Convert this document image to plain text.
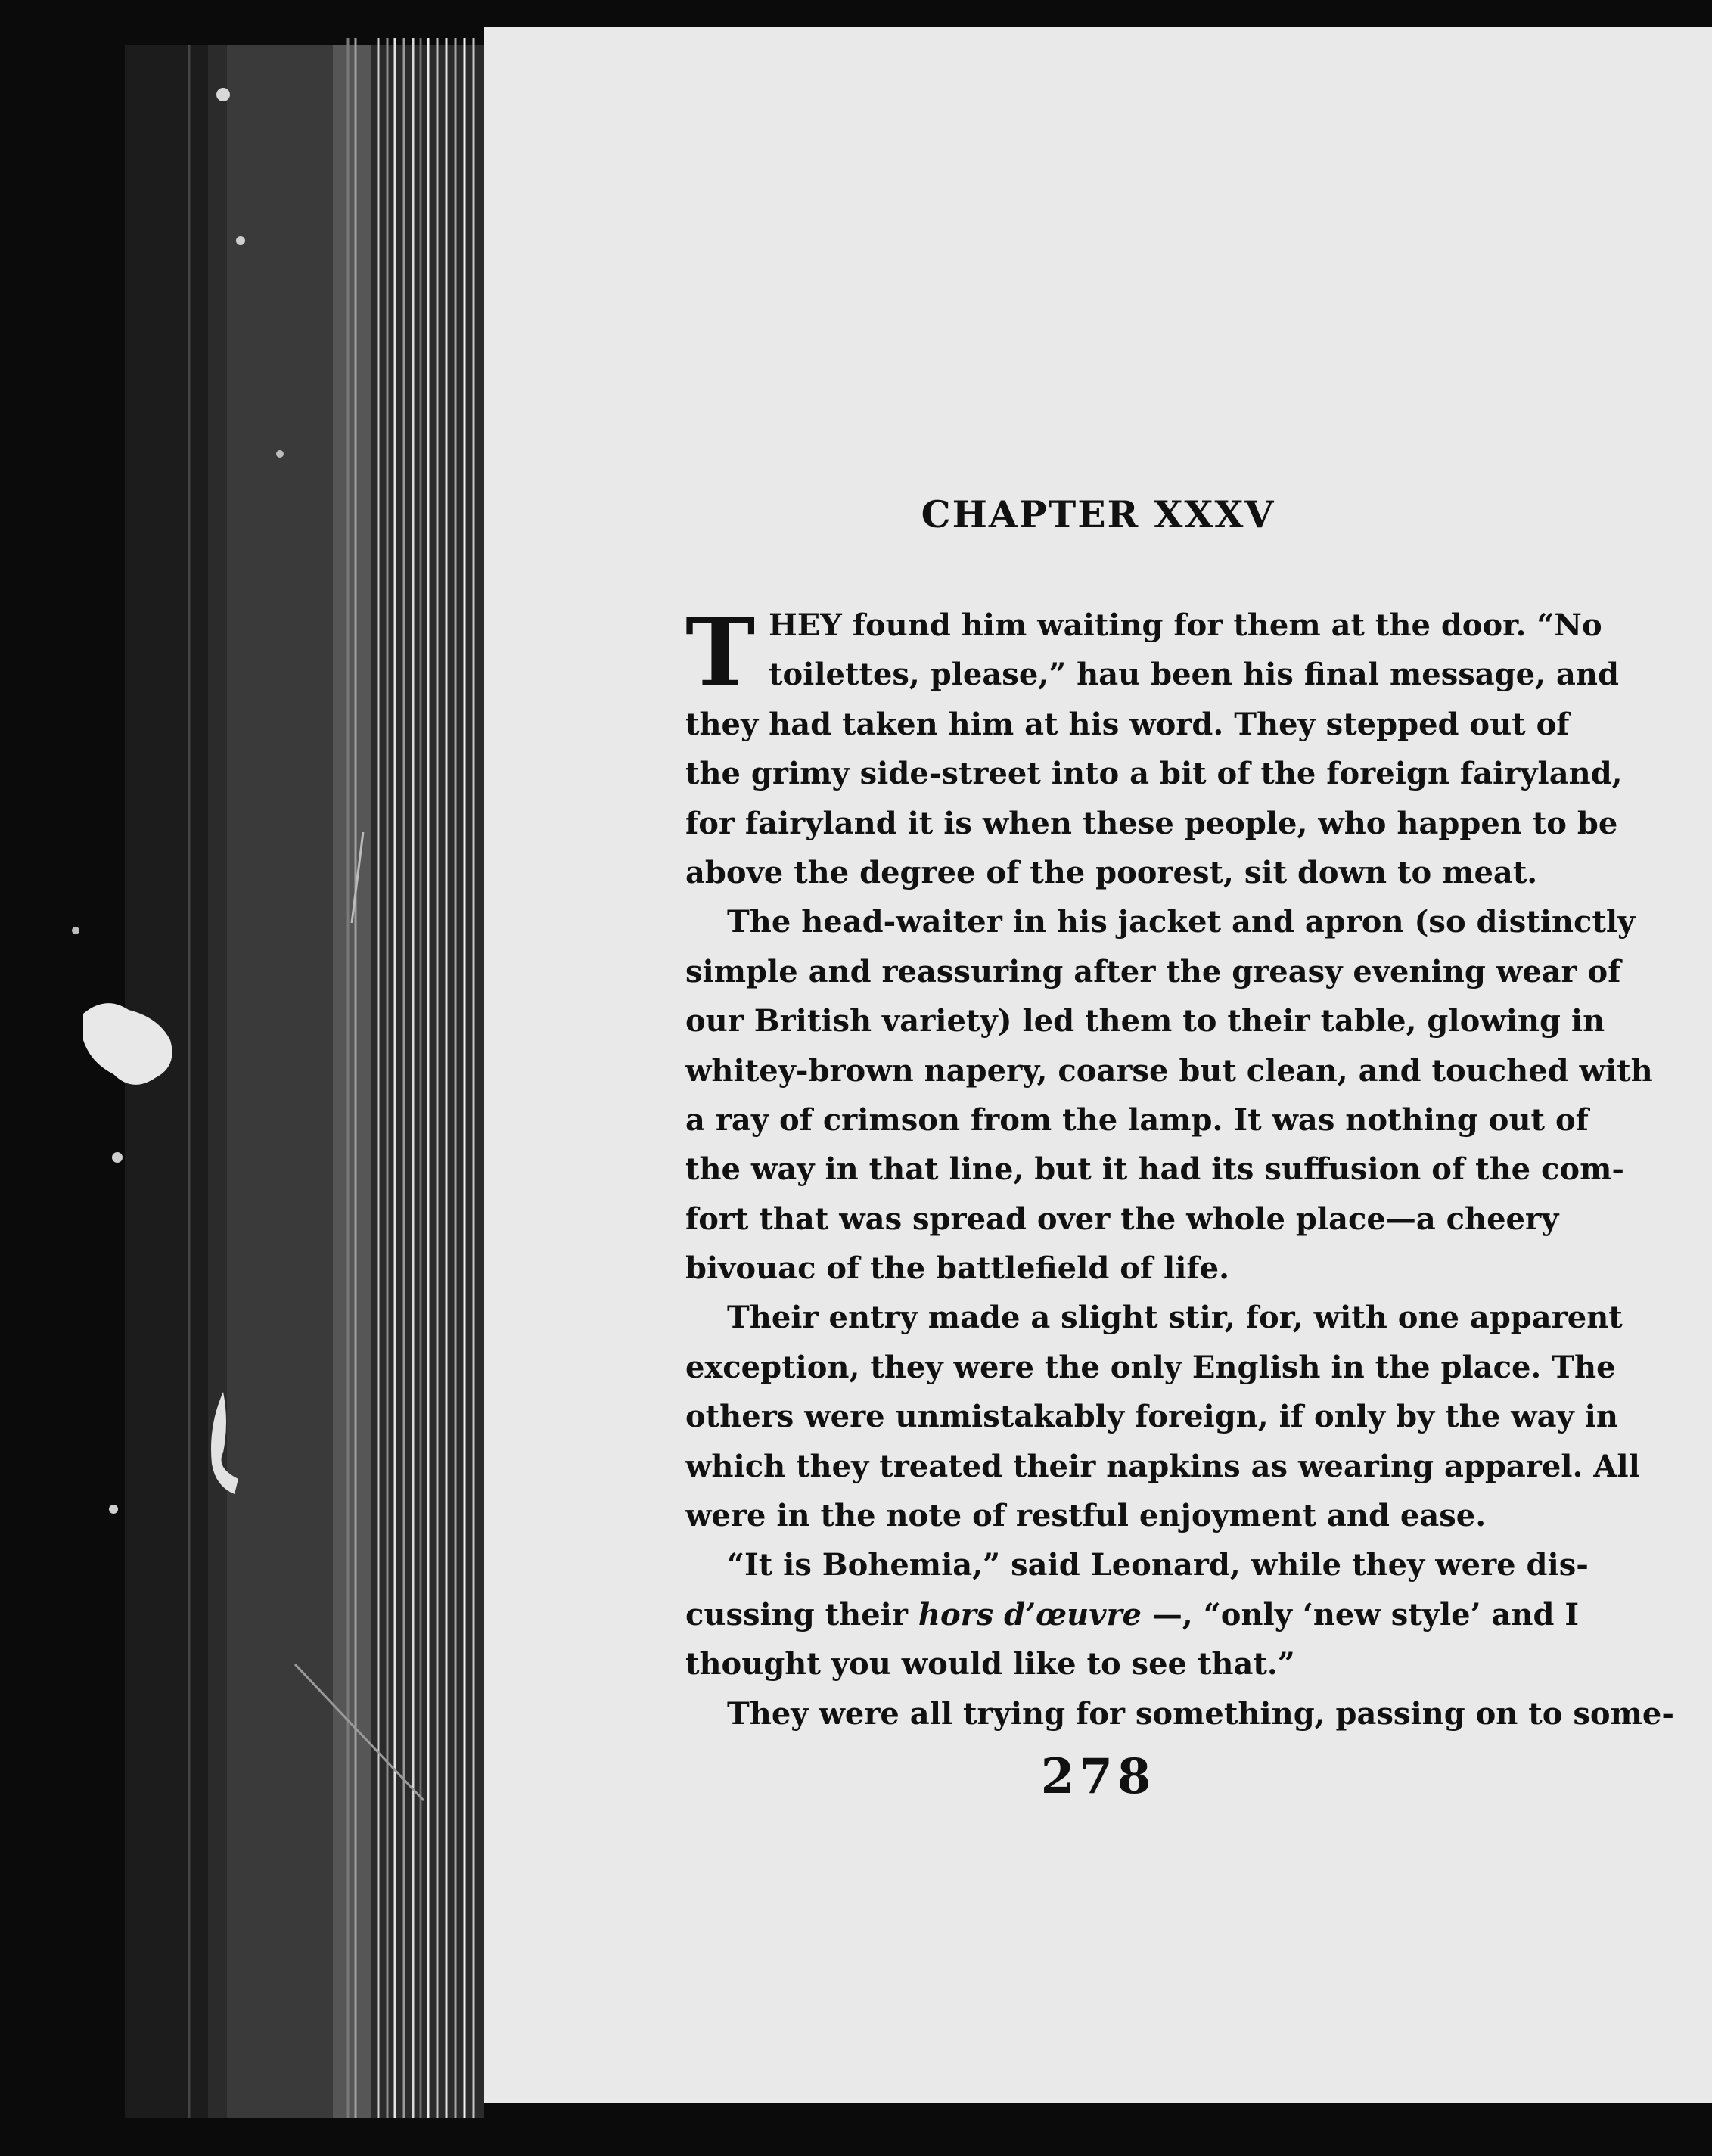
CHAPTER XXXV
T HEY found him waiting for them at the door. “No
toilettes, please,” hau been his final message, and
they had taken him at his word. They stepped out of
the grimy side-street into a bit of the foreign fairyland,
for fairyland it is when these people, who happen to be
above the degree of the poorest, sit down to meat.
The head-waiter in his jacket and apron (so distinctly
simple and reassuring after the greasy evening wear of
our British variety) led them to their table, glowing in
whitey-brown napery, coarse but clean, and touched with
a ray of crimson from the lamp. It was nothing out of
the way in that line, but it had its suffusion of the com-
fort that was spread over the whole place—a cheery
bivouac of the battlefield of life.
Their entry made a slight stir, for, with one apparent
exception, they were the only English in the place. The
others were unmistakably foreign, if only by the way in
which they treated their napkins as wearing apparel. All
were in the note of restful enjoyment and ease.
“It is Bohemia,” said Leonard, while they were dis-
cussing their hors d’œuvre —, “only ‘new style’ and I
thought you would like to see that.”
They were all trying for something, passing on to some-
278
